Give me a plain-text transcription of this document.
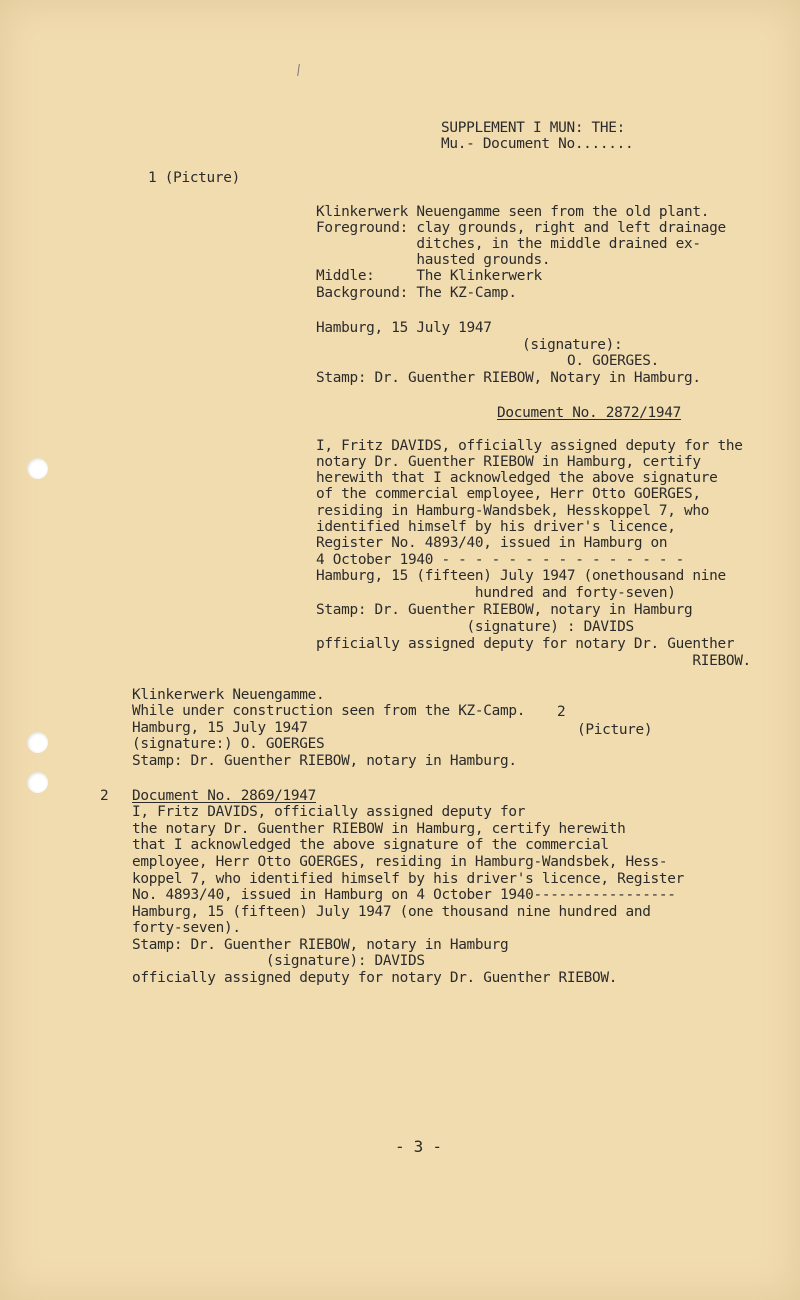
SUPPLEMENT I MUN: THE:
Mu.- Document No.......
1 (Picture)
Klinkerwerk Neuengamme seen from the old plant.
Foreground: clay grounds, right and left drainage
ditches, in the middle drained ex-
hausted grounds.
Middle:     The Klinkerwerk
Background: The KZ-Camp.
Hamburg, 15 July 1947
(signature):
O. GOERGES.
Stamp: Dr. Guenther RIEBOW, Notary in Hamburg.
Document No. 2872/1947
I, Fritz DAVIDS, officially assigned deputy for the
notary Dr. Guenther RIEBOW in Hamburg, certify
herewith that I acknowledged the above signature
of the commercial employee, Herr Otto GOERGES,
residing in Hamburg-Wandsbek, Hesskoppel 7, who
identified himself by his driver's licence,
Register No. 4893/40, issued in Hamburg on
4 October 1940 - - - - - - - - - - - - - - -
Hamburg, 15 (fifteen) July 1947 (onethousand nine
hundred and forty-seven)
Stamp: Dr. Guenther RIEBOW, notary in Hamburg
(signature) : DAVIDS
pfficially assigned deputy for notary Dr. Guenther
RIEBOW.
Klinkerwerk Neuengamme.
While under construction seen from the KZ-Camp.
Hamburg, 15 July 1947
(signature:) O. GOERGES
Stamp: Dr. Guenther RIEBOW, notary in Hamburg.
2
(Picture)
2 Document No. 2869/1947
I, Fritz DAVIDS, officially assigned deputy for
the notary Dr. Guenther RIEBOW in Hamburg, certify herewith
that I acknowledged the above signature of the commercial
employee, Herr Otto GOERGES, residing in Hamburg-Wandsbek, Hess-
koppel 7, who identified himself by his driver's licence, Register
No. 4893/40, issued in Hamburg on 4 October 1940-----------------
Hamburg, 15 (fifteen) July 1947 (one thousand nine hundred and
forty-seven).
Stamp: Dr. Guenther RIEBOW, notary in Hamburg
(signature): DAVIDS
officially assigned deputy for notary Dr. Guenther RIEBOW.
- 3 -
